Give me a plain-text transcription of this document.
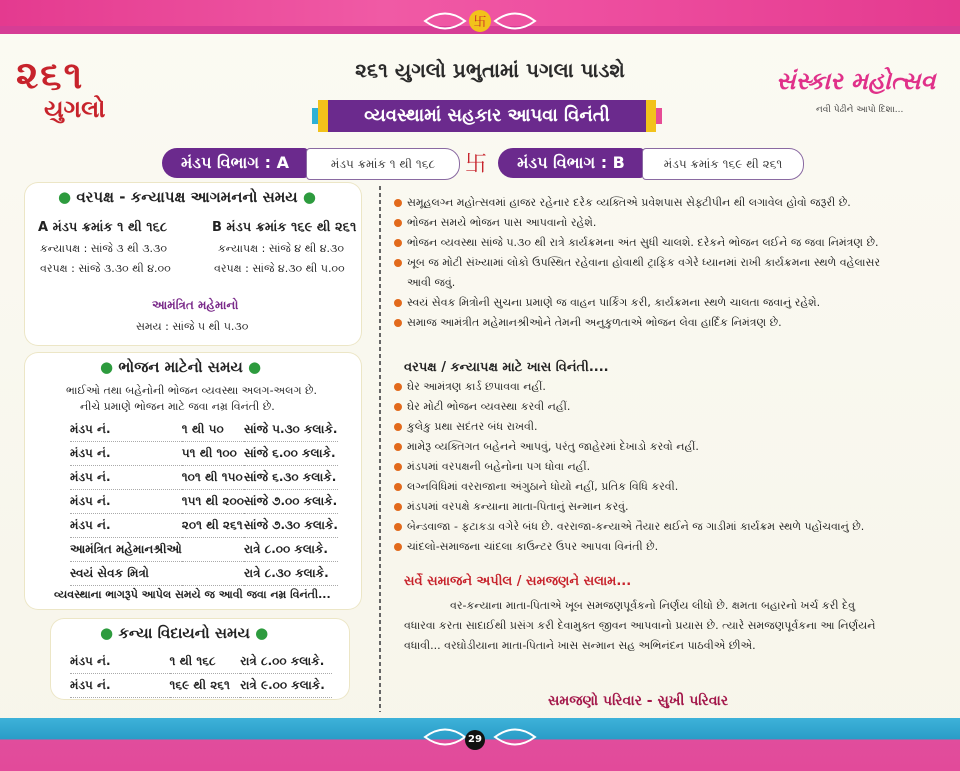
卐
૨૬૧
યુગલો
૨૬૧ યુગલો પ્રભુતામાં પગલા પાડશે
વ્યવસ્થામાં સહકાર આપવા વિનંતી
સંસ્કાર મહોત્સવ
નવી પેઢીને આપો દિશા...
મંડપ વિભાગ : A	મંડપ ક્રમાંક ૧ થી ૧૬૮	卐	મંડપ વિભાગ : B	મંડપ ક્રમાંક ૧૬૯ થી ૨૬૧
● વરપક્ષ - કન્યાપક્ષ આગમનનો સમય ●
A મંડપ ક્રમાંક ૧ થી ૧૬૮
કન્યાપક્ષ : સાંજે ૩ થી ૩.૩૦
વરપક્ષ : સાંજે ૩.૩૦ થી ૪.૦૦
B મંડપ ક્રમાંક ૧૬૯ થી ૨૬૧
કન્યાપક્ષ : સાંજે ૪ થી ૪.૩૦
વરપક્ષ : સાંજે ૪.૩૦ થી ૫.૦૦
આમંત્રિત મહેમાનો
સમય : સાંજે ૫ થી ૫.૩૦
● ભોજન માટેનો સમય ●
ભાઈઓ તથા બહેનોની ભોજન વ્યવસ્થા અલગ-અલગ છે.
નીચે પ્રમાણે ભોજન માટે જવા નમ્ર વિનંતી છે.
મંડપ નં.	૧ થી ૫૦	સાંજે ૫.૩૦ કલાકે.
મંડપ નં.	૫૧ થી ૧૦૦	સાંજે ૬.૦૦ કલાકે.
મંડપ નં.	૧૦૧ થી ૧૫૦	સાંજે ૬.૩૦ કલાકે.
મંડપ નં.	૧૫૧ થી ૨૦૦	સાંજે ૭.૦૦ કલાકે.
મંડપ નં.	૨૦૧ થી ૨૬૧	સાંજે ૭.૩૦ કલાકે.
આમંત્રિત મહેમાનશ્રીઓ		રાત્રે ૮.૦૦ કલાકે.
સ્વયં સેવક મિત્રો		રાત્રે ૮.૩૦ કલાકે.
વ્યવસ્થાના ભાગરૂપે આપેલ સમયે જ આવી જવા નમ્ર વિનંતી...
● કન્યા વિદાયનો સમય ●
મંડપ નં.	૧ થી ૧૬૮	રાત્રે ૮.૦૦ કલાકે.
મંડપ નં.	૧૬૯ થી ૨૬૧	રાત્રે ૯.૦૦ કલાકે.
સમૂહલગ્ન મહોત્સવમાં હાજર રહેનાર દરેક વ્યક્તિએ પ્રવેશપાસ સેફ્ટીપીન થી લગાવેલ હોવો જરૂરી છે.
ભોજન સમયે ભોજન પાસ આપવાનો રહેશે.
ભોજન વ્યવસ્થા સાંજે ૫.૩૦ થી રાત્રે કાર્યક્રમના અંત સુધી ચાલશે. દરેકને ભોજન લઈને જ જવા નિમંત્રણ છે.
ખૂબ જ મોટી સંખ્યામાં લોકો ઉપસ્થિત રહેવાના હોવાથી ટ્રાફિક વગેરે ધ્યાનમાં રાખી કાર્યક્રમના સ્થળે વહેલાસર
આવી જવું.
સ્વયં સેવક મિત્રોની સુચના પ્રમાણે જ વાહન પાર્કિંગ કરી, કાર્યક્રમના સ્થળે ચાલતા જવાનું રહેશે.
સમાજ આમંત્રીત મહેમાનશ્રીઓને તેમની અનુકુળતાએ ભોજન લેવા હાર્દિક નિમંત્રણ છે.
વરપક્ષ / કન્યાપક્ષ માટે ખાસ વિનંતી....
ઘેર આમંત્રણ કાર્ડ છપાવવા નહીં.
ઘેર મોટી ભોજન વ્યવસ્થા કરવી નહીં.
કુલેકુ પ્રથા સદંતર બંધ રાખવી.
મામેરૂ વ્યક્તિગત બહેનને આપવું, પરંતુ જાહેરમાં દેખાડો કરવો નહીં.
મંડપમાં વરપક્ષની બહેનોના પગ ધોવા નહીં.
લગ્નવિધિમાં વરરાજાના અંગુઠાને ધોયો નહીં, પ્રતિક વિધિ કરવી.
મંડપમાં વરપક્ષે કન્યાના માતા-પિતાનું સન્માન કરવું.
બેન્ડવાજા - ફટાકડા વગેરે બંધ છે. વરરાજા-કન્યાએ તૈયાર થઈને જ ગાડીમાં કાર્યક્રમ સ્થળે પહોંચવાનું છે.
ચાંદલો-સમાજના ચાંદલા કાઉન્ટર ઉપર આપવા વિનંતી છે.
સર્વે સમાજને અપીલ / સમજણને સલામ...
વર-કન્યાના માતા-પિતાએ ખૂબ સમજણપૂર્વકનો નિર્ણય લીધો છે. ક્ષમતા બહારનો ખર્ચ કરી દેવુ
વધારવા કરતા સાદાઈથી પ્રસંગ કરી દેવામુક્ત જીવન આપવાનો પ્રયાસ છે. ત્યારે સમજણપૂર્વકના આ નિર્ણયને
વધાવી... વરઘોડીયાના માતા-પિતાને ખાસ સન્માન સહ અભિનંદન પાઠવીએ છીએ.
સમજણો પરિવાર - સુખી પરિવાર
29
